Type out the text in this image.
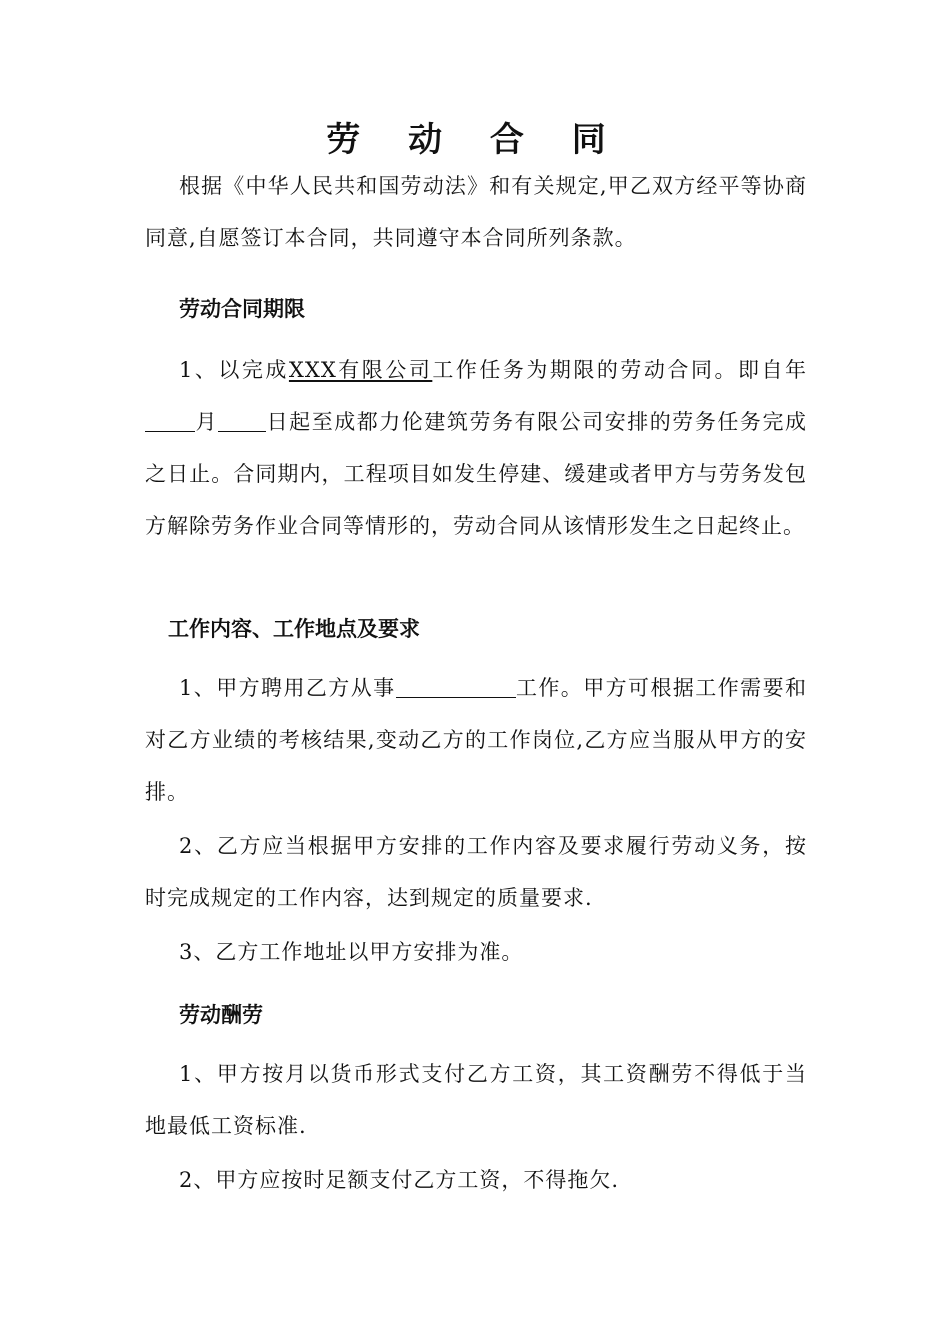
劳 动 合 同
根据《中华人民共和国劳动法》和有关规定,甲乙双方经平等协商同意,自愿签订本合同，共同遵守本合同所列条款。
劳动合同期限
1、以完成XXX有限公司工作任务为期限的劳动合同。即自年月 日起至成都力伦建筑劳务有限公司安排的劳务任务完成之日止。合同期内，工程项目如发生停建、缓建或者甲方与劳务发包方解除劳务作业合同等情形的，劳动合同从该情形发生之日起终止。
工作内容、工作地点及要求
1、甲方聘用乙方从事	工作。甲方可根据工作需要和对乙方业绩的考核结果,变动乙方的工作岗位,乙方应当服从甲方的安排。
2、乙方应当根据甲方安排的工作内容及要求履行劳动义务，按时完成规定的工作内容，达到规定的质量要求.
3、乙方工作地址以甲方安排为准。
劳动酬劳
1、甲方按月以货币形式支付乙方工资，其工资酬劳不得低于当地最低工资标准.
2、甲方应按时足额支付乙方工资，不得拖欠.
